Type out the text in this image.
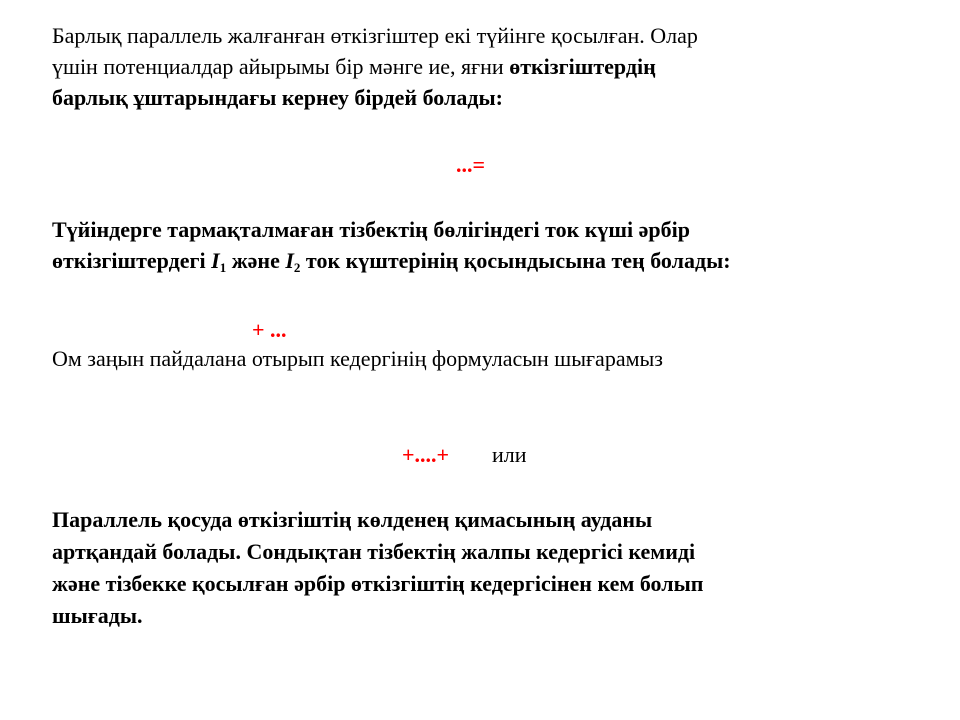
Барлық параллель жалғанған өткізгіштер екі түйінге қосылған. Олар
үшін потенциалдар айырымы бір мәнге ие, яғни өткізгіштердің
барлық ұштарындағы кернеу бірдей болады:
...=
Түйіндерге тармақталмаған тізбектің бөлігіндегі ток күші әрбір
өткізгіштердегі $I_1$ және $I_2$ ток күштерінің қосындысына тең болады:
+ ...
Ом заңын пайдалана отырып кедергінің формуласын шығарамыз
+....+ или
Параллель қосуда өткізгіштің көлденең қимасының ауданы
артқандай болады. Сондықтан тізбектің жалпы кедергісі кемиді
және тізбекке қосылған әрбір өткізгіштің кедергісінен кем болып
шығады.
